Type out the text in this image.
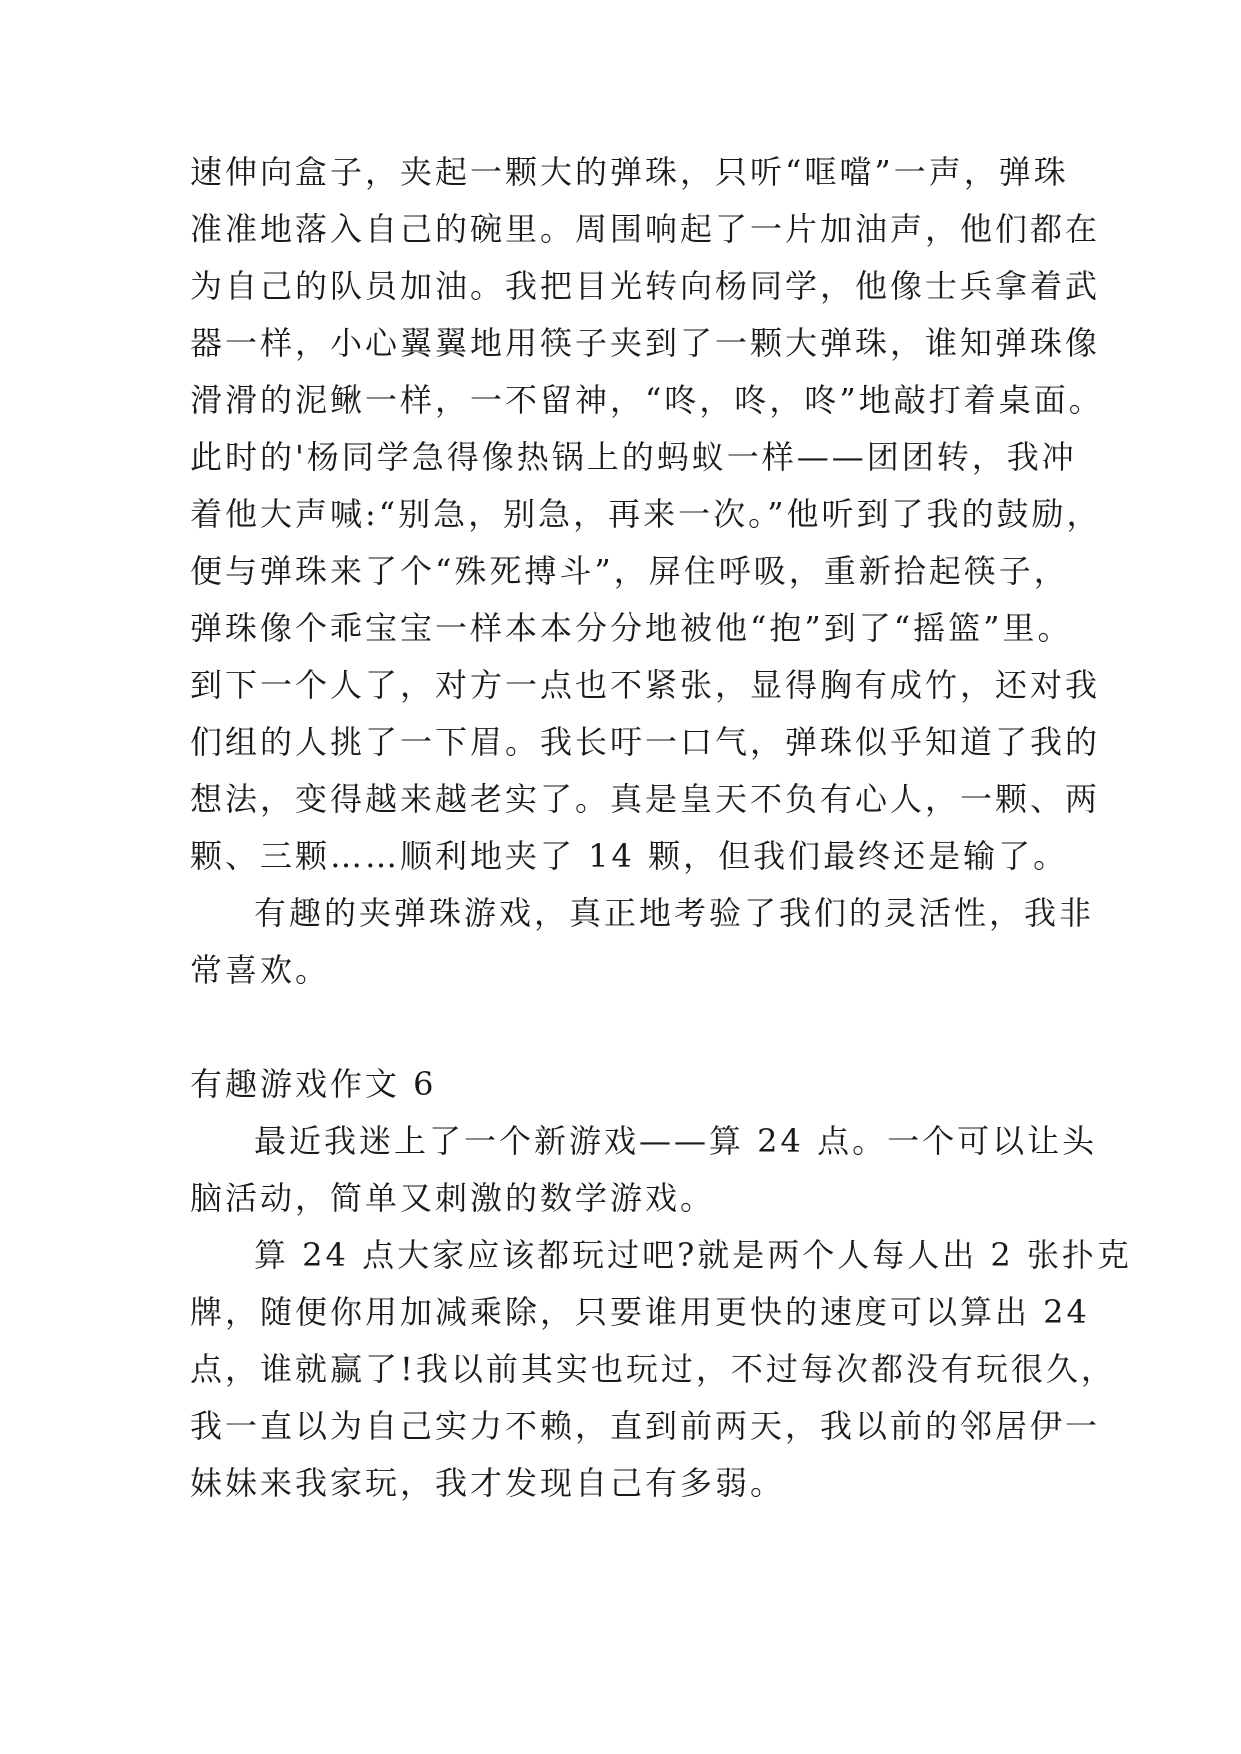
速伸向盒子，夹起一颗大的弹珠，只听“哐噹”一声，弹珠

准准地落入自己的碗里。周围响起了一片加油声，他们都在

为自己的队员加油。我把目光转向杨同学，他像士兵拿着武

器一样，小心翼翼地用筷子夹到了一颗大弹珠，谁知弹珠像

滑滑的泥鳅一样，一不留神，“咚，咚，咚”地敲打着桌面。

此时的'杨同学急得像热锅上的蚂蚁一样——团团转，我冲

着他大声喊:“别急，别急，再来一次。”他听到了我的鼓励，

便与弹珠来了个“殊死搏斗”，屏住呼吸，重新拾起筷子，

弹珠像个乖宝宝一样本本分分地被他“抱”到了“摇篮”里。

到下一个人了，对方一点也不紧张，显得胸有成竹，还对我

们组的人挑了一下眉。我长吁一口气，弹珠似乎知道了我的

想法，变得越来越老实了。真是皇天不负有心人，一颗、两

颗、三颗……顺利地夹了 14 颗，但我们最终还是输了。

有趣的夹弹珠游戏，真正地考验了我们的灵活性，我非

常喜欢。

有趣游戏作文 6

最近我迷上了一个新游戏——算 24 点。一个可以让头

脑活动，简单又刺激的数学游戏。

算 24 点大家应该都玩过吧?就是两个人每人出 2 张扑克

牌，随便你用加减乘除，只要谁用更快的速度可以算出 24

点，谁就赢了!我以前其实也玩过，不过每次都没有玩很久，

我一直以为自己实力不赖，直到前两天，我以前的邻居伊一

妹妹来我家玩，我才发现自己有多弱。
